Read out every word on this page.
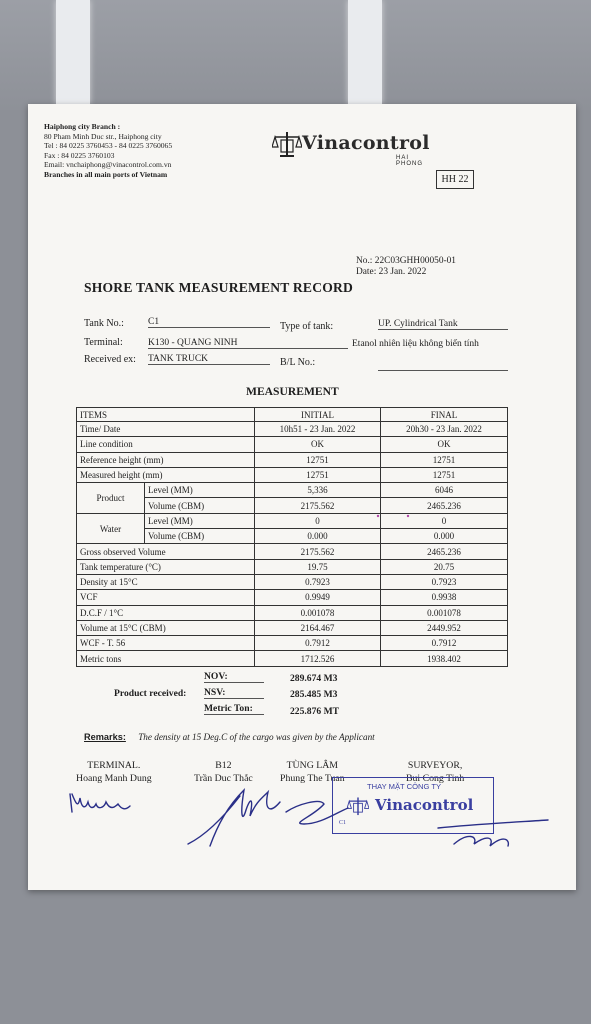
Haiphong city Branch :
80 Pham Minh Duc str., Haiphong city
Tel : 84 0225 3760453 - 84 0225 3760065
Fax : 84 0225 3760103
Email: vnchaiphong@vinacontrol.com.vn
Branches in all main ports of Vietnam
Vinacontrol
HAI PHONG
HH 22
No.: 22C03GHH00050-01
Date: 23 Jan. 2022
SHORE TANK MEASUREMENT RECORD
Tank No.:	C1	Type of tank:	UP. Cylindrical Tank
Terminal:	K130 - QUANG NINH	Etanol nhiên liệu không biến tính
Received ex: TANK TRUCK	B/L No.:
MEASUREMENT
ITEMS		INITIAL	FINAL
Time/ Date		10h51 - 23 Jan. 2022	20h30 - 23 Jan. 2022
Line condition		OK	OK
Reference height (mm)		12751	12751
Measured height (mm)		12751	12751
Product	Level (MM)	5,336	6046
	Volume (CBM)	2175.562	2465.236
Water	Level (MM)	0	0
	Volume (CBM)	0.000	0.000
Gross observed Volume		2175.562	2465.236
Tank temperature (°C)		19.75	20.75
Density at 15°C		0.7923	0.7923
VCF		0.9949	0.9938
D.C.F / 1°C		0.001078	0.001078
Volume at 15°C (CBM)		2164.467	2449.952
WCF - T. 56		0.7912	0.7912
Metric tons		1712.526	1938.402
NOV:	289.674 M3
Product received: NSV:	285.485 M3
Metric Ton:	225.876 MT
Remarks: The density at 15 Deg.C of the cargo was given by the Applicant
TERMINAL.
Hoang Manh Dung
B12
Trần Duc Thắc
TÙNG LÂM
Phung The Tuan
SURVEYOR,
Bui Cong Tinh
THAY MẶT CÔNG TY
Vinacontrol
C1
